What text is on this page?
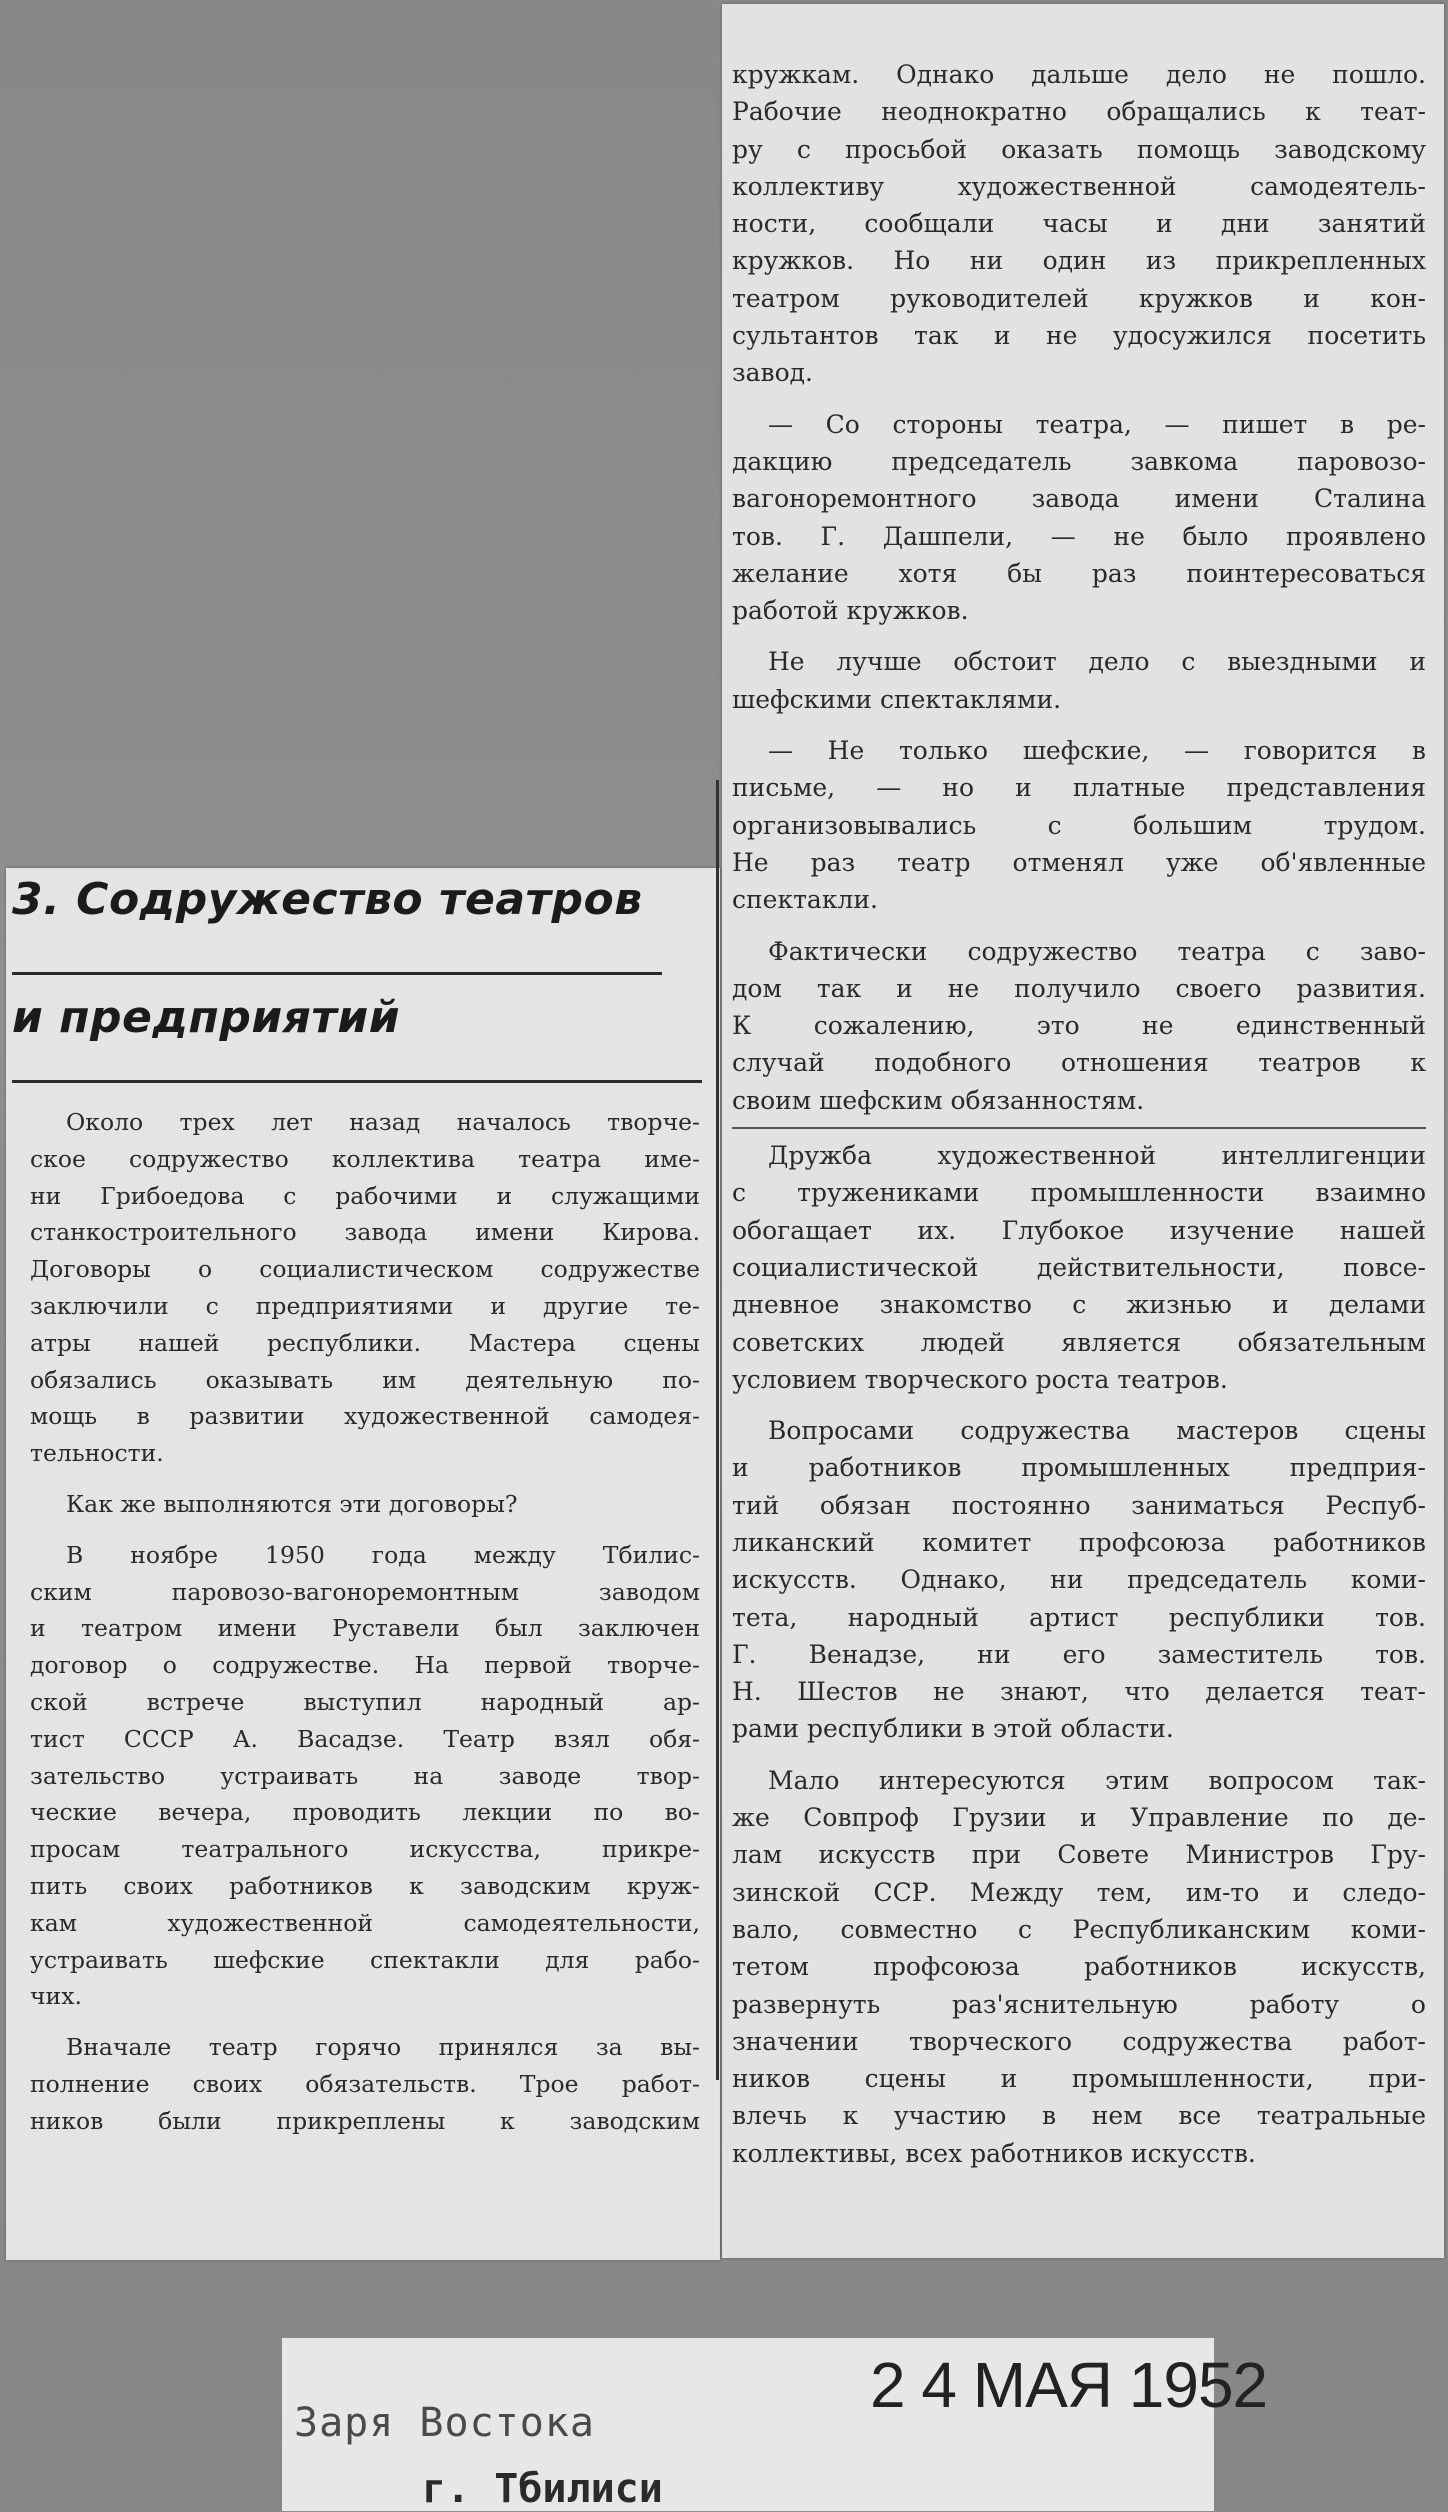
3. Содружество театров
и предприятий
Около трех лет назад началось творче-
ское содружество коллектива театра име-
ни Грибоедова с рабочими и служащими
станкостроительного завода имени Кирова.
Договоры о социалистическом содружестве
заключили с предприятиями и другие те-
атры нашей республики. Мастера сцены
обязались оказывать им деятельную по-
мощь в развитии художественной самодея-
тельности.
Как же выполняются эти договоры?
В ноябре 1950 года между Тбилис-
ским паровозо-вагоноремонтным заводом
и театром имени Руставели был заключен
договор о содружестве. На первой творче-
ской встрече выступил народный ар-
тист СССР А. Васадзе. Театр взял обя-
зательство устраивать на заводе твор-
ческие вечера, проводить лекции по во-
просам театрального искусства, прикре-
пить своих работников к заводским круж-
кам художественной самодеятельности,
устраивать шефские спектакли для рабо-
чих.
Вначале театр горячо принялся за вы-
полнение своих обязательств. Трое работ-
ников были прикреплены к заводским
кружкам. Однако дальше дело не пошло.
Рабочие неоднократно обращались к теат-
ру с просьбой оказать помощь заводскому
коллективу художественной самодеятель-
ности, сообщали часы и дни занятий
кружков. Но ни один из прикрепленных
театром руководителей кружков и кон-
сультантов так и не удосужился посетить
завод.
— Со стороны театра, — пишет в ре-
дакцию председатель завкома паровозо-
вагоноремонтного завода имени Сталина
тов. Г. Дашпели, — не было проявлено
желание хотя бы раз поинтересоваться
работой кружков.
Не лучше обстоит дело с выездными и
шефскими спектаклями.
— Не только шефские, — говорится в
письме, — но и платные представления
организовывались с большим трудом.
Не раз театр отменял уже об'явленные
спектакли.
Фактически содружество театра с заво-
дом так и не получило своего развития.
К сожалению, это не единственный
случай подобного отношения театров к
своим шефским обязанностям.
Дружба художественной интеллигенции
с тружениками промышленности взаимно
обогащает их. Глубокое изучение нашей
социалистической действительности, повсе-
дневное знакомство с жизнью и делами
советских людей является обязательным
условием творческого роста театров.
Вопросами содружества мастеров сцены
и работников промышленных предприя-
тий обязан постоянно заниматься Респуб-
ликанский комитет профсоюза работников
искусств. Однако, ни председатель коми-
тета, народный артист республики тов.
Г. Венадзе, ни его заместитель тов.
Н. Шестов не знают, что делается теат-
рами республики в этой области.
Мало интересуются этим вопросом так-
же Совпроф Грузии и Управление по де-
лам искусств при Совете Министров Гру-
зинской ССР. Между тем, им-то и следо-
вало, совместно с Республиканским коми-
тетом профсоюза работников искусств,
развернуть раз'яснительную работу о
значении творческого содружества работ-
ников сцены и промышленности, при-
влечь к участию в нем все театральные
коллективы, всех работников искусств.
Заря Востока
г. Тбилиси
2 4 МАЯ 1952
